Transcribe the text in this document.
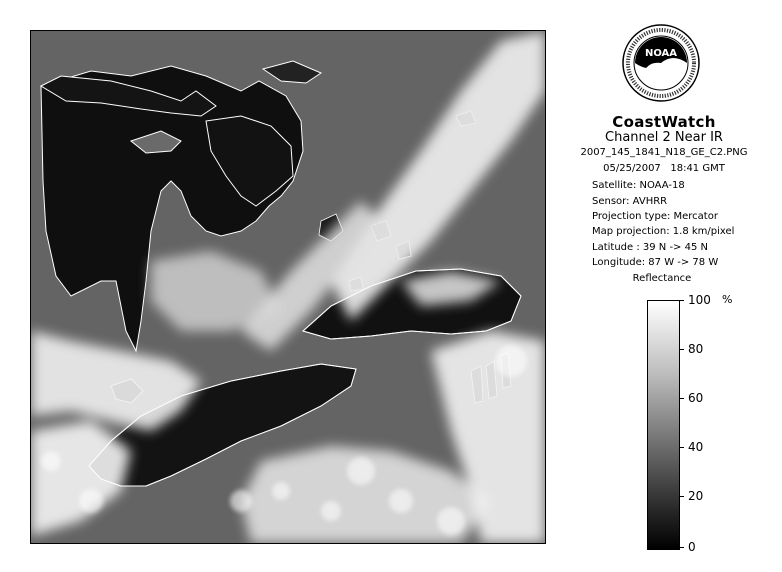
NOAA
CoastWatch
Channel 2 Near IR
2007_145_1841_N18_GE_C2.PNG
05/25/2007 18:41 GMT
Satellite: NOAA-18
Sensor: AVHRR
Projection type: Mercator
Map projection: 1.8 km/pixel
Latitude : 39 N -> 45 N
Longitude: 87 W -> 78 W
Reflectance
%
100
80
60
40
20
0
